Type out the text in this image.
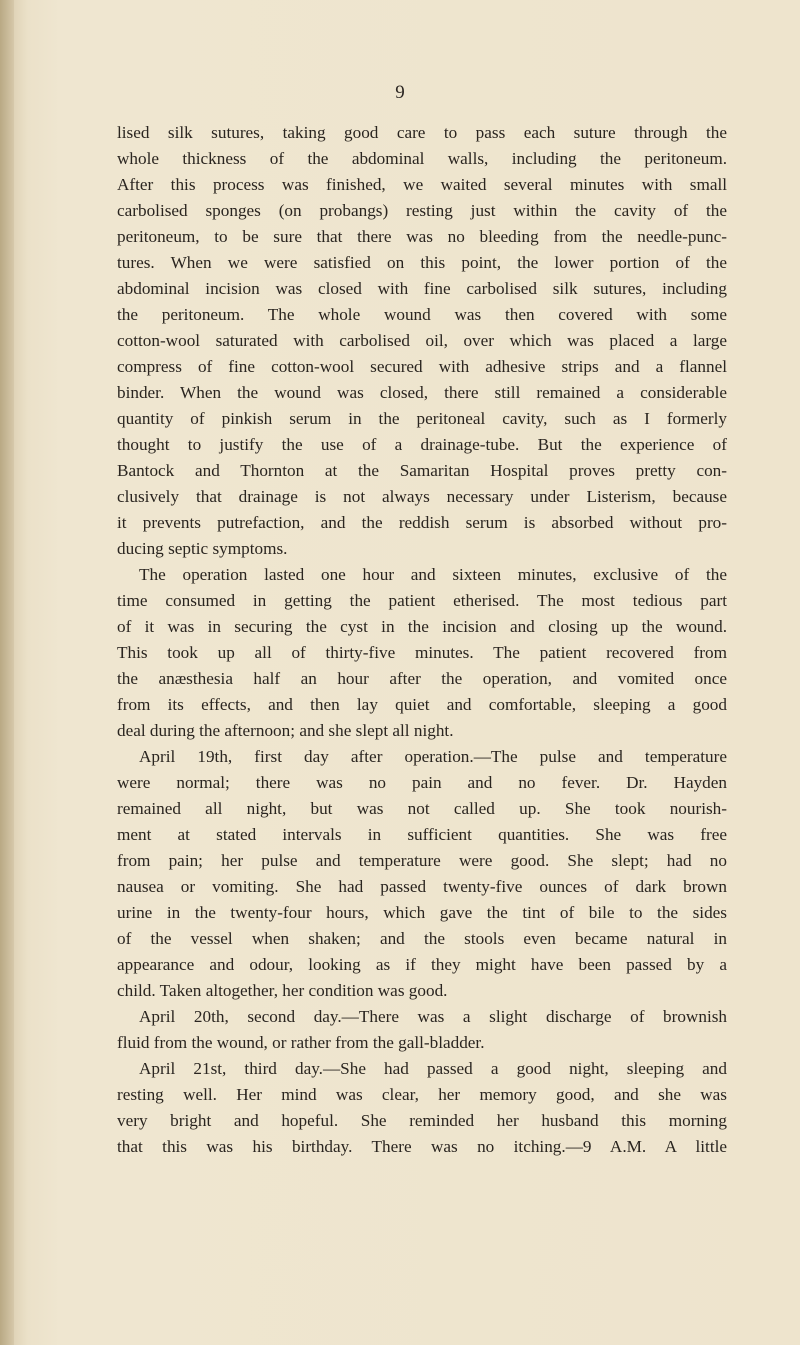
9
lised silk sutures, taking good care to pass each suture through the
whole thickness of the abdominal walls, including the peritoneum.
After this process was finished, we waited several minutes with small
carbolised sponges (on probangs) resting just within the cavity of the
peritoneum, to be sure that there was no bleeding from the needle-punc-
tures. When we were satisfied on this point, the lower portion of the
abdominal incision was closed with fine carbolised silk sutures, including
the peritoneum. The whole wound was then covered with some
cotton-wool saturated with carbolised oil, over which was placed a large
compress of fine cotton-wool secured with adhesive strips and a flannel
binder. When the wound was closed, there still remained a considerable
quantity of pinkish serum in the peritoneal cavity, such as I formerly
thought to justify the use of a drainage-tube. But the experience of
Bantock and Thornton at the Samaritan Hospital proves pretty con-
clusively that drainage is not always necessary under Listerism, because
it prevents putrefaction, and the reddish serum is absorbed without pro-
ducing septic symptoms.
The operation lasted one hour and sixteen minutes, exclusive of the
time consumed in getting the patient etherised. The most tedious part
of it was in securing the cyst in the incision and closing up the wound.
This took up all of thirty-five minutes. The patient recovered from
the anæsthesia half an hour after the operation, and vomited once
from its effects, and then lay quiet and comfortable, sleeping a good
deal during the afternoon; and she slept all night.
April 19th, first day after operation.—The pulse and temperature
were normal; there was no pain and no fever. Dr. Hayden
remained all night, but was not called up. She took nourish-
ment at stated intervals in sufficient quantities. She was free
from pain; her pulse and temperature were good. She slept; had no
nausea or vomiting. She had passed twenty-five ounces of dark brown
urine in the twenty-four hours, which gave the tint of bile to the sides
of the vessel when shaken; and the stools even became natural in
appearance and odour, looking as if they might have been passed by a
child. Taken altogether, her condition was good.
April 20th, second day.—There was a slight discharge of brownish
fluid from the wound, or rather from the gall-bladder.
April 21st, third day.—She had passed a good night, sleeping and
resting well. Her mind was clear, her memory good, and she was
very bright and hopeful. She reminded her husband this morning
that this was his birthday. There was no itching.—9 A.M. A little
